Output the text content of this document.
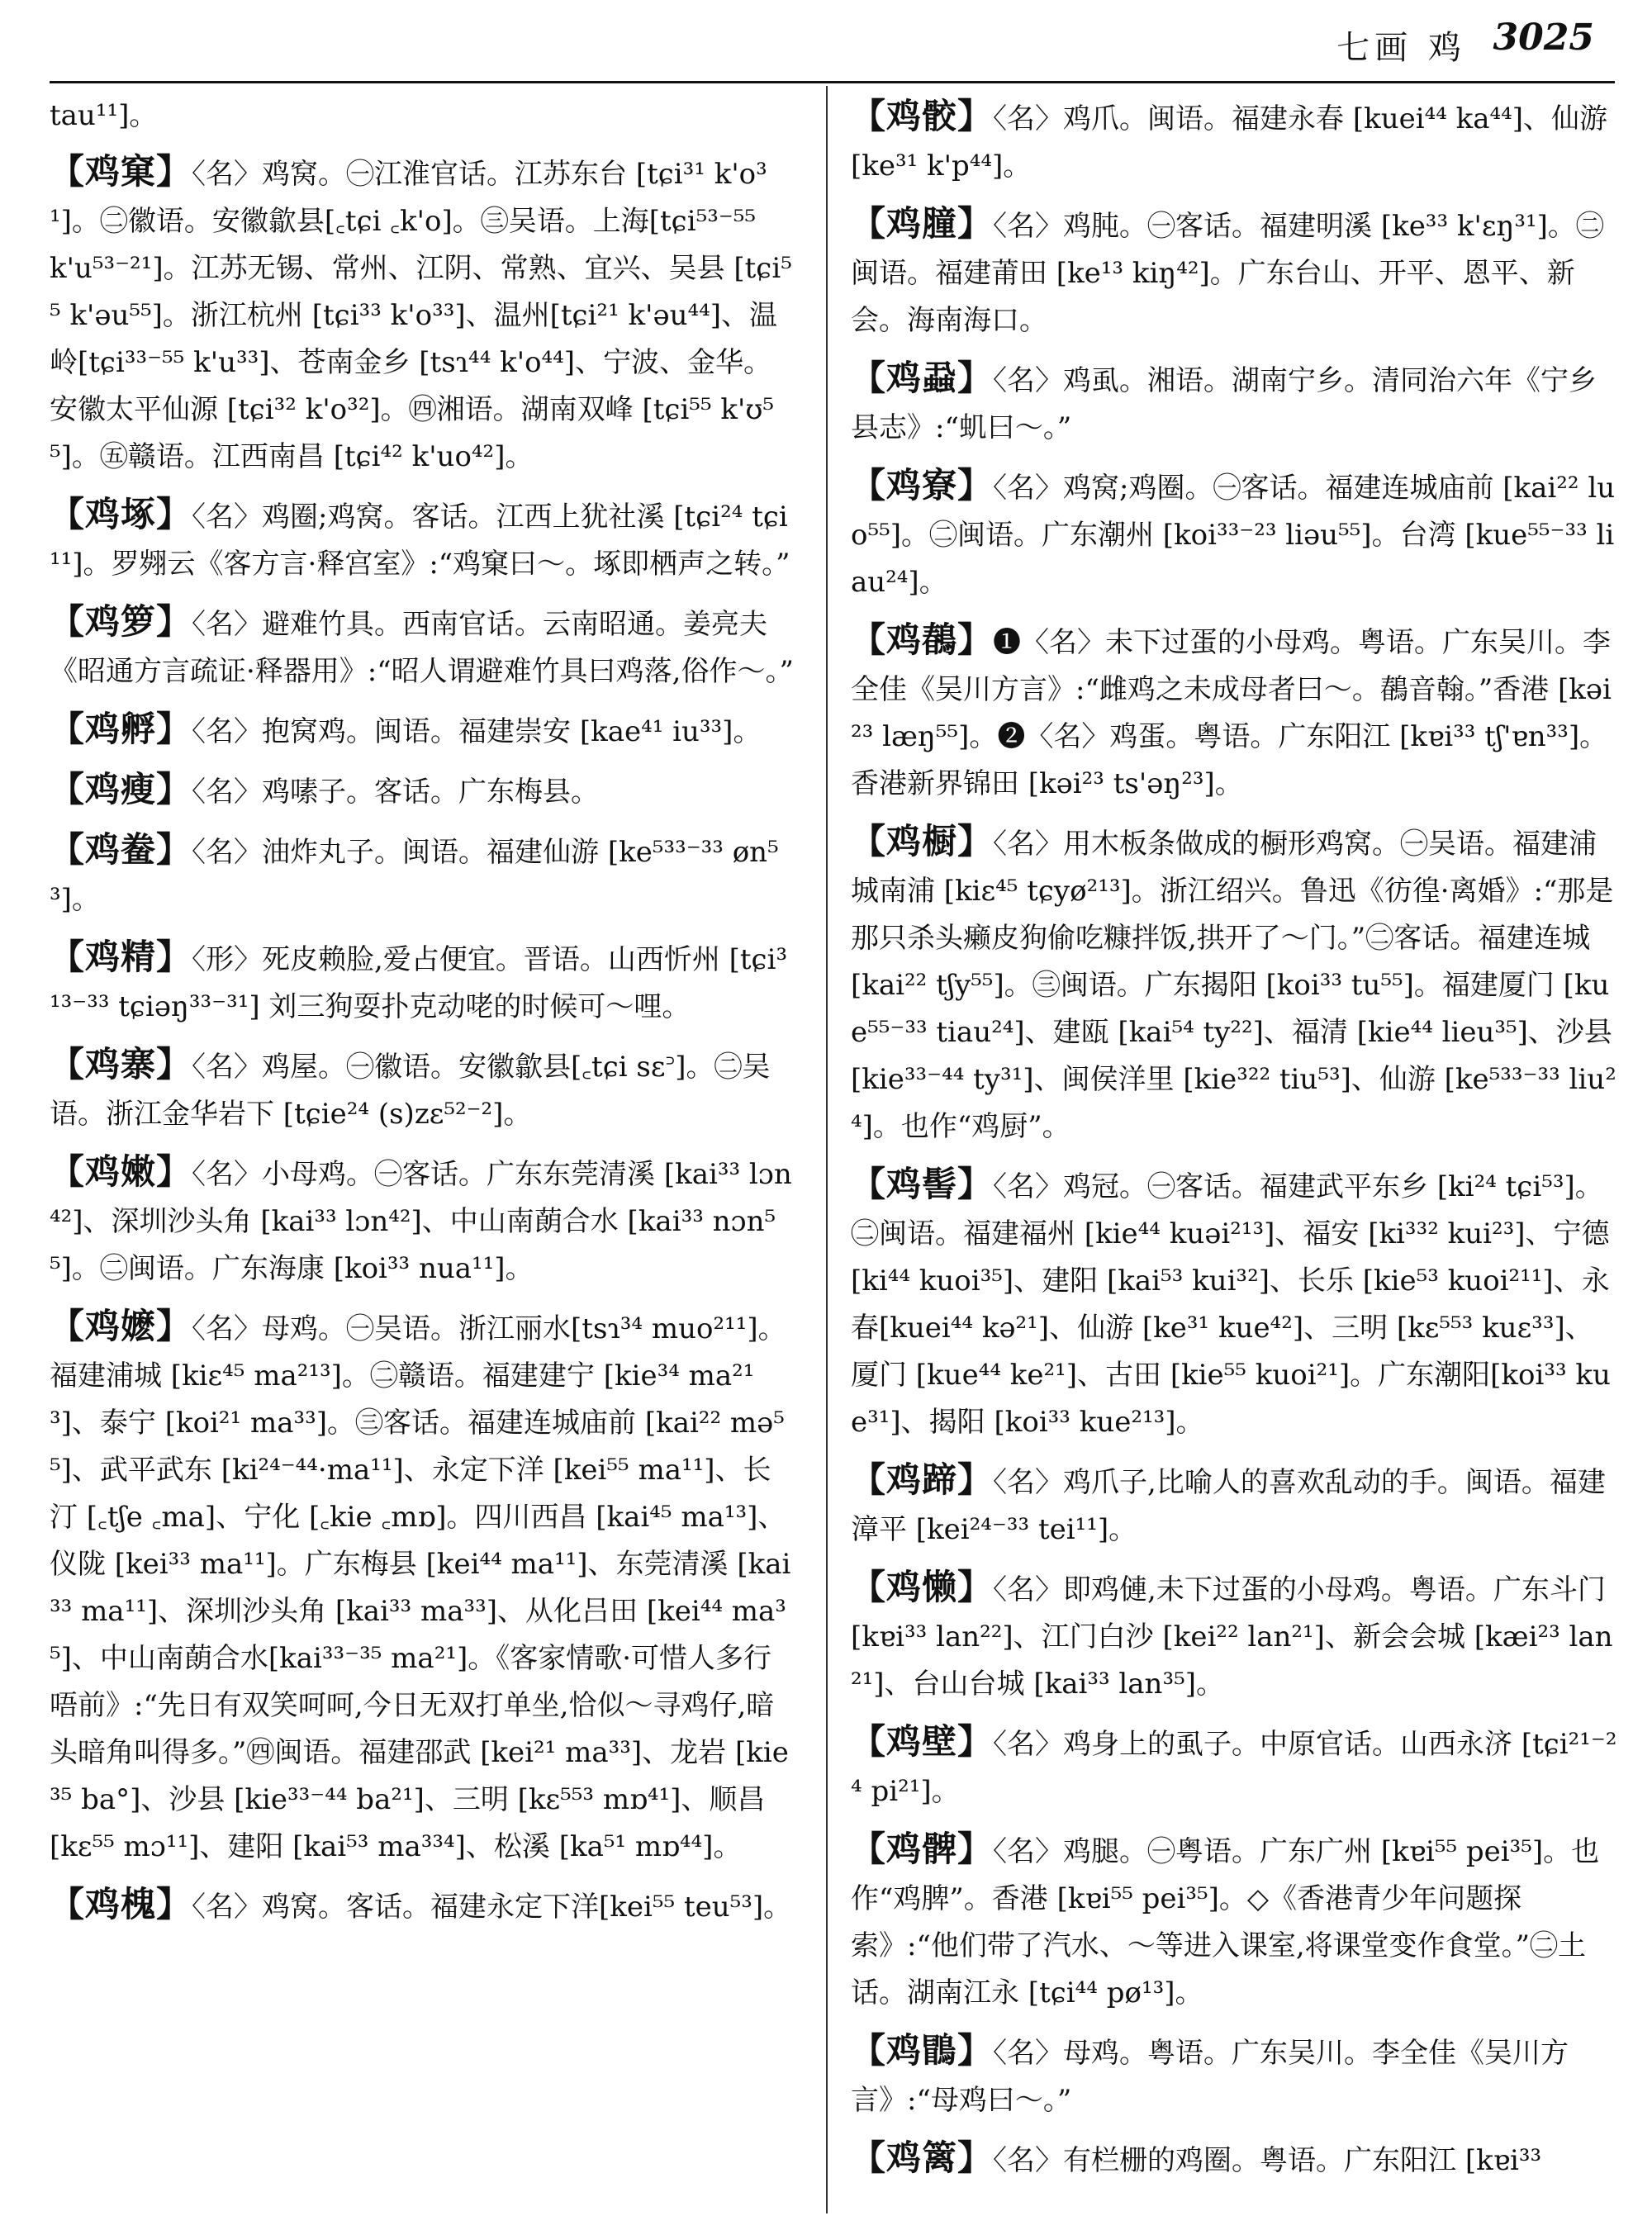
七画 鸡 3025

tau¹¹]。

【鸡窠】〈名〉鸡窝。㊀江淮官话。江苏东台 [tɕi³¹ k'o³¹]。㊁徽语。安徽歙县[꜀tɕi ꜀k'o]。㊂吴语。上海[tɕi⁵³⁻⁵⁵ k'u⁵³⁻²¹]。江苏无锡、常州、江阴、常熟、宜兴、吴县 [tɕi⁵⁵ k'əu⁵⁵]。浙江杭州 [tɕi³³ k'o³³]、温州[tɕi²¹ k'əu⁴⁴]、温岭[tɕi³³⁻⁵⁵ k'u³³]、苍南金乡 [tsɿ⁴⁴ k'o⁴⁴]、宁波、金华。安徽太平仙源 [tɕi³² k'o³²]。㊃湘语。湖南双峰 [tɕi⁵⁵ k'ʊ⁵⁵]。㊄赣语。江西南昌 [tɕi⁴² k'uo⁴²]。

【鸡㙇】〈名〉鸡圈;鸡窝。客话。江西上犹社溪 [tɕi²⁴ tɕi¹¹]。罗翙云《客方言·释宫室》:“鸡窠曰～。㙇即栖声之转。”

【鸡箩】〈名〉避难竹具。西南官话。云南昭通。姜亮夫《昭通方言疏证·释器用》:“昭人谓避难竹具曰鸡落,俗作～。”

【鸡孵】〈名〉抱窝鸡。闽语。福建崇安 [kae⁴¹ iu³³]。

【鸡瘦】〈名〉鸡嗉子。客话。广东梅县。

【鸡鲞】〈名〉油炸丸子。闽语。福建仙游 [ke⁵³³⁻³³ øn⁵³]。

【鸡精】〈形〉死皮赖脸,爱占便宜。晋语。山西忻州 [tɕi³¹³⁻³³ tɕiəŋ³³⁻³¹] 刘三狗耍扑克动咾的时候可～哩。

【鸡寨】〈名〉鸡屋。㊀徽语。安徽歙县[꜀tɕi sɛ꜄]。㊁吴语。浙江金华岩下 [tɕie²⁴ (s)zɛ⁵²⁻²]。

【鸡嫩】〈名〉小母鸡。㊀客话。广东东莞清溪 [kai³³ lɔn⁴²]、深圳沙头角 [kai³³ lɔn⁴²]、中山南蓢合水 [kai³³ nɔn⁵⁵]。㊁闽语。广东海康 [koi³³ nua¹¹]。

【鸡嬷】〈名〉母鸡。㊀吴语。浙江丽水[tsɿ³⁴ muo²¹¹]。福建浦城 [kiɛ⁴⁵ ma²¹³]。㊁赣语。福建建宁 [kie³⁴ ma²¹³]、泰宁 [koi²¹ ma³³]。㊂客话。福建连城庙前 [kai²² mə⁵⁵]、武平武东 [ki²⁴⁻⁴⁴·ma¹¹]、永定下洋 [kei⁵⁵ ma¹¹]、长汀 [꜀tʃe ꜀ma]、宁化 [꜀kie ꜀mɒ]。四川西昌 [kai⁴⁵ ma¹³]、仪陇 [kei³³ ma¹¹]。广东梅县 [kei⁴⁴ ma¹¹]、东莞清溪 [kai³³ ma¹¹]、深圳沙头角 [kai³³ ma³³]、从化吕田 [kei⁴⁴ ma³⁵]、中山南蓢合水[kai³³⁻³⁵ ma²¹]。《客家情歌·可惜人多行唔前》:“先日有双笑呵呵,今日无双打单坐,恰似～寻鸡仔,暗头暗角叫得多。”㊃闽语。福建邵武 [kei²¹ ma³³]、龙岩 [kie³⁵ ba°]、沙县 [kie³³⁻⁴⁴ ba²¹]、三明 [kɛ⁵⁵³ mɒ⁴¹]、顺昌 [kɛ⁵⁵ mɔ¹¹]、建阳 [kai⁵³ ma³³⁴]、松溪 [ka⁵¹ mɒ⁴⁴]。

【鸡槐】〈名〉鸡窝。客话。福建永定下洋[kei⁵⁵ teu⁵³]。

【鸡骹】〈名〉鸡爪。闽语。福建永春 [kuei⁴⁴ ka⁴⁴]、仙游 [ke³¹ k'p⁴⁴]。

【鸡膧】〈名〉鸡肫。㊀客话。福建明溪 [ke³³ k'ɛŋ³¹]。㊁闽语。福建莆田 [ke¹³ kiŋ⁴²]。广东台山、开平、恩平、新会。海南海口。

【鸡蝨】〈名〉鸡虱。湘语。湖南宁乡。清同治六年《宁乡县志》:“虮曰～。”

【鸡寮】〈名〉鸡窝;鸡圈。㊀客话。福建连城庙前 [kai²² luo⁵⁵]。㊁闽语。广东潮州 [koi³³⁻²³ liəu⁵⁵]。台湾 [kue⁵⁵⁻³³ liau²⁴]。

【鸡𪂹】❶〈名〉未下过蛋的小母鸡。粤语。广东吴川。李全佳《吴川方言》:“雌鸡之未成母者曰～。𪂹音翰。”香港 [kəi²³ læŋ⁵⁵]。❷〈名〉鸡蛋。粤语。广东阳江 [kɐi³³ tʃ'ɐn³³]。香港新界锦田 [kəi²³ ts'əŋ²³]。

【鸡橱】〈名〉用木板条做成的橱形鸡窝。㊀吴语。福建浦城南浦 [kiɛ⁴⁵ tɕyø²¹³]。浙江绍兴。鲁迅《彷徨·离婚》:“那是那只杀头癞皮狗偷吃糠拌饭,拱开了～门。”㊁客话。福建连城 [kai²² tʃy⁵⁵]。㊂闽语。广东揭阳 [koi³³ tu⁵⁵]。福建厦门 [kue⁵⁵⁻³³ tiau²⁴]、建瓯 [kai⁵⁴ ty²²]、福清 [kie⁴⁴ lieu³⁵]、沙县 [kie³³⁻⁴⁴ ty³¹]、闽侯洋里 [kie³²² tiu⁵³]、仙游 [ke⁵³³⁻³³ liu²⁴]。也作“鸡厨”。

【鸡髻】〈名〉鸡冠。㊀客话。福建武平东乡 [ki²⁴ tɕi⁵³]。㊁闽语。福建福州 [kie⁴⁴ kuəi²¹³]、福安 [ki³³² kui²³]、宁德 [ki⁴⁴ kuoi³⁵]、建阳 [kai⁵³ kui³²]、长乐 [kie⁵³ kuoi²¹¹]、永春[kuei⁴⁴ kə²¹]、仙游 [ke³¹ kue⁴²]、三明 [kɛ⁵⁵³ kuɛ³³]、厦门 [kue⁴⁴ ke²¹]、古田 [kie⁵⁵ kuoi²¹]。广东潮阳[koi³³ kue³¹]、揭阳 [koi³³ kue²¹³]。

【鸡蹄】〈名〉鸡爪子,比喻人的喜欢乱动的手。闽语。福建漳平 [kei²⁴⁻³³ tei¹¹]。

【鸡懒】〈名〉即鸡僆,未下过蛋的小母鸡。粤语。广东斗门 [kɐi³³ lan²²]、江门白沙 [kei²² lan²¹]、新会会城 [kæi²³ lan²¹]、台山台城 [kai³³ lan³⁵]。

【鸡壁】〈名〉鸡身上的虱子。中原官话。山西永济 [tɕi²¹⁻²⁴ pi²¹]。

【鸡髀】〈名〉鸡腿。㊀粤语。广东广州 [kɐi⁵⁵ pei³⁵]。也作“鸡脾”。香港 [kɐi⁵⁵ pei³⁵]。◇《香港青少年问题探索》:“他们带了汽水、～等进入课室,将课堂变作食堂。”㊁土话。湖南江永 [tɕi⁴⁴ pø¹³]。

【鸡𪃑】〈名〉母鸡。粤语。广东吴川。李全佳《吴川方言》:“母鸡曰～。”

【鸡篱】〈名〉有栏栅的鸡圈。粤语。广东阳江 [kɐi³³
